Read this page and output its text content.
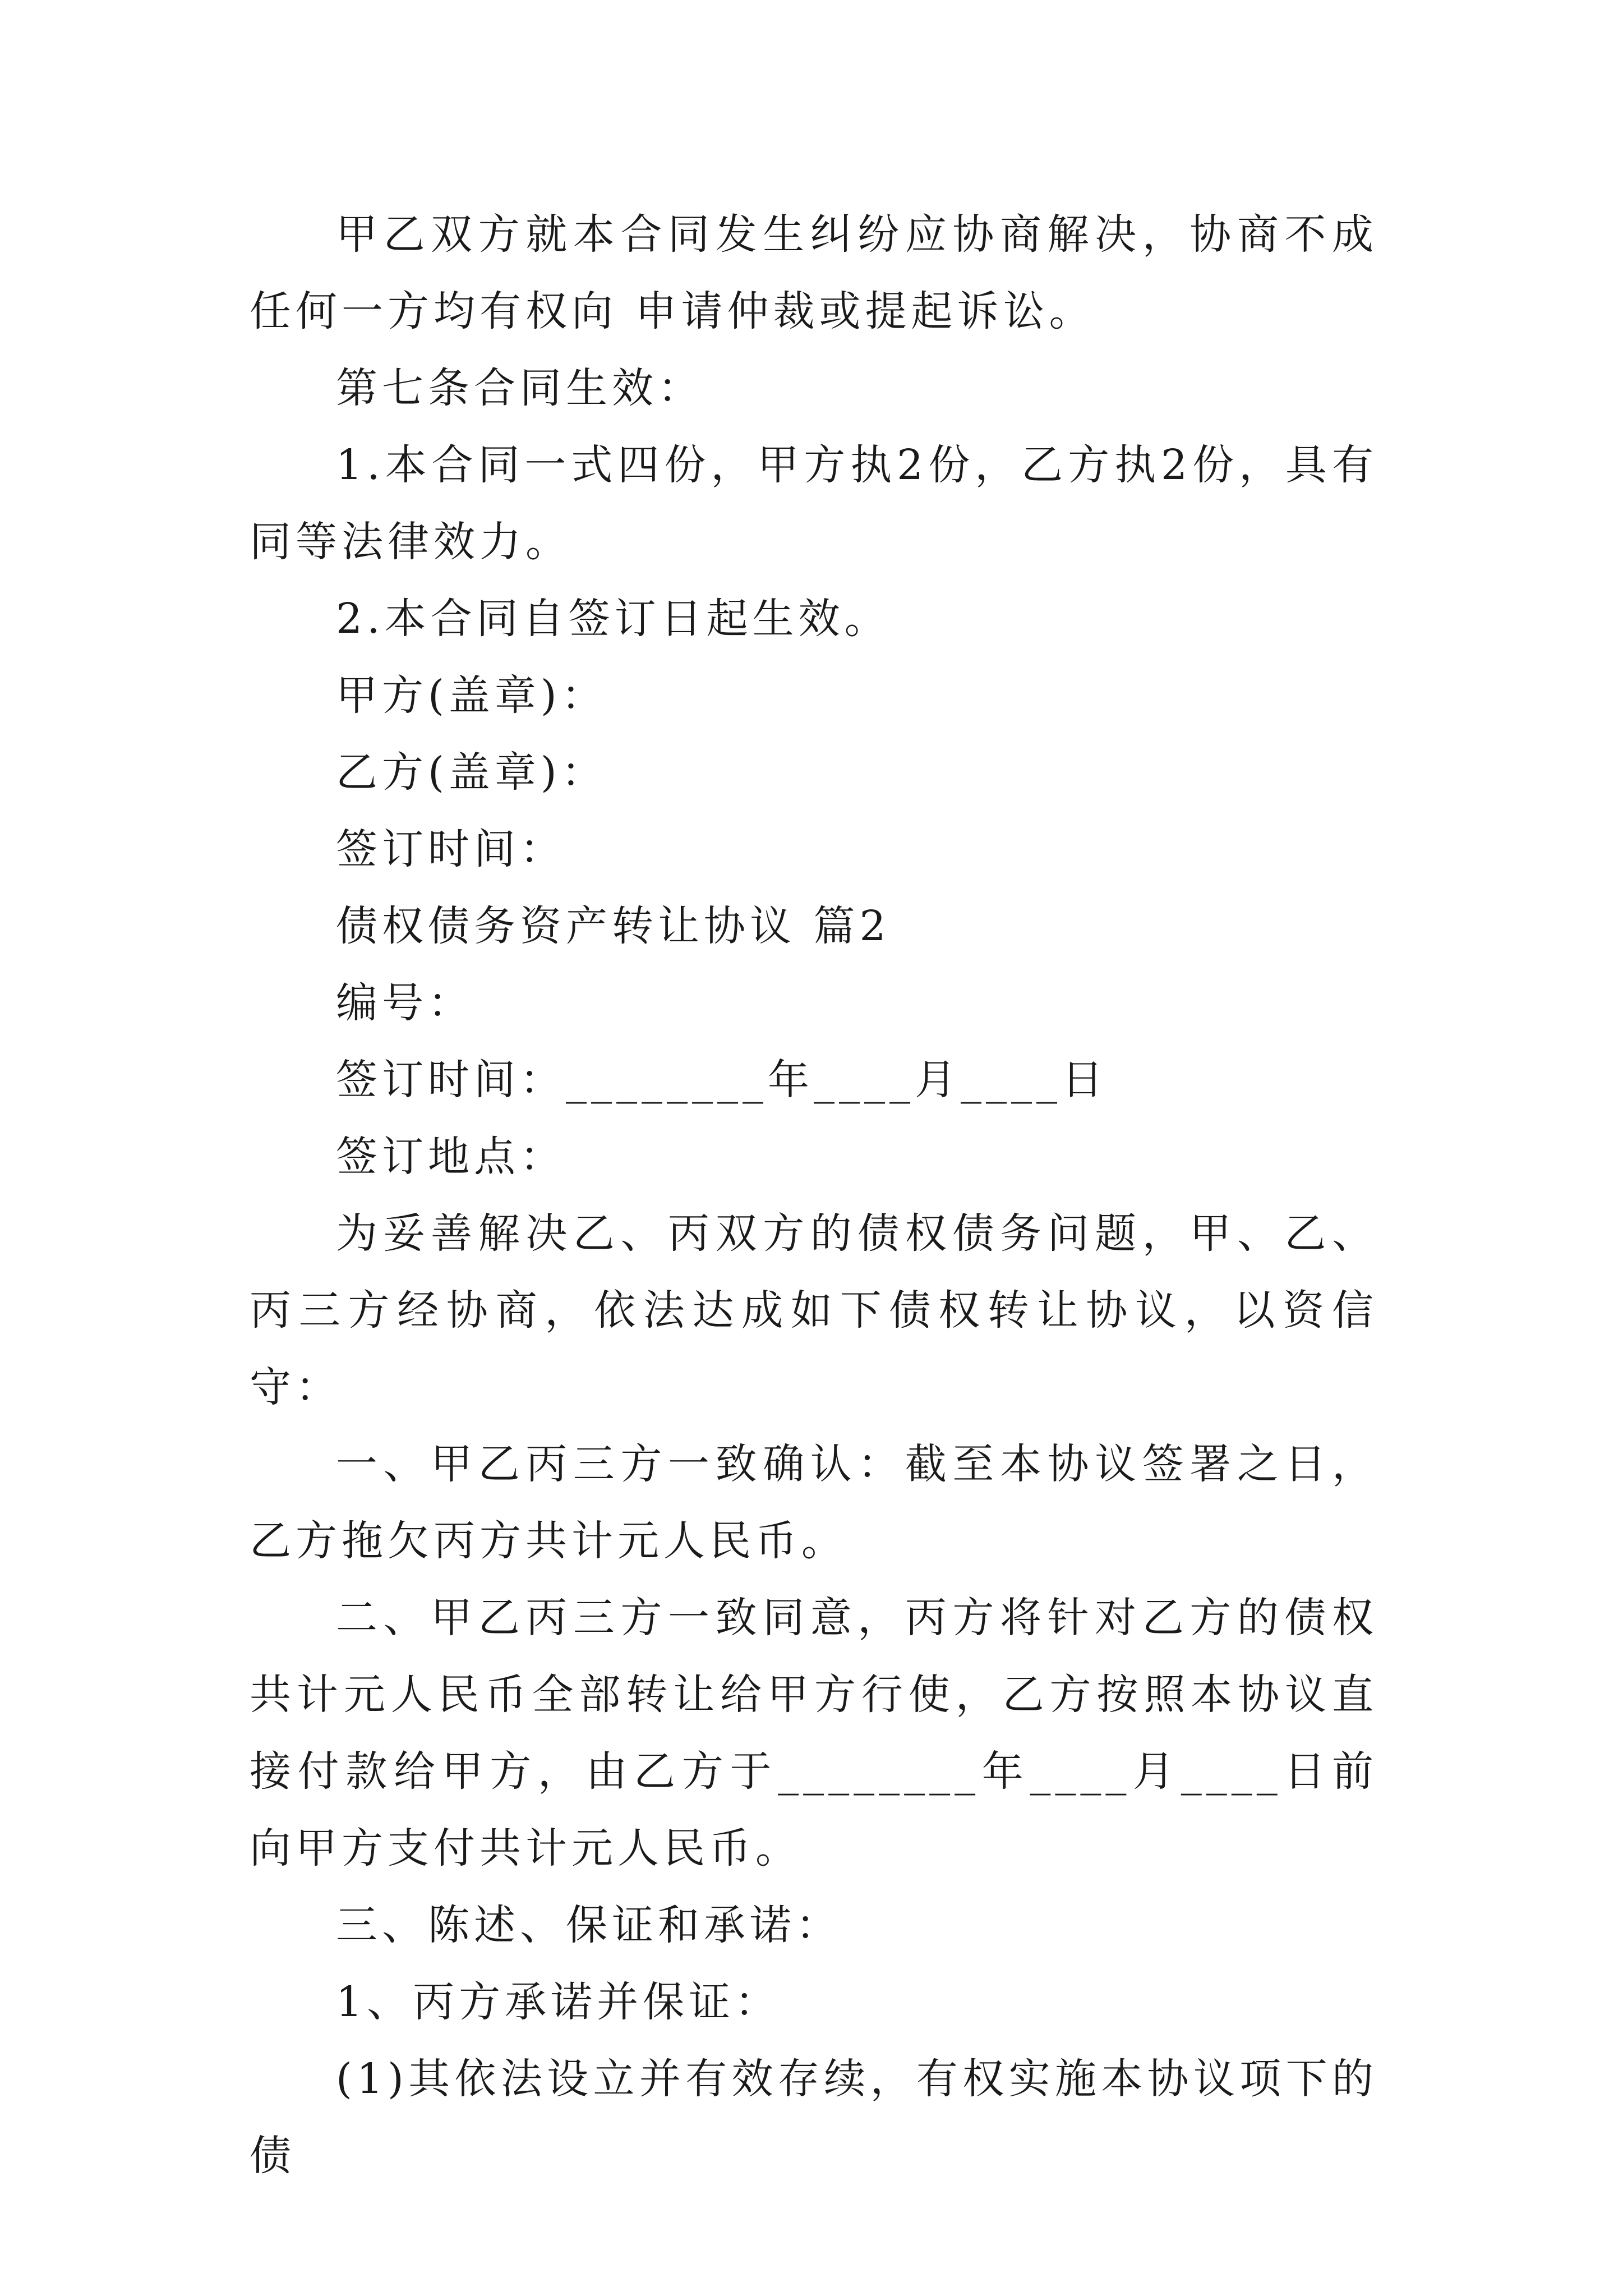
甲乙双方就本合同发生纠纷应协商解决，协商不成任何一方均有权向 申请仲裁或提起诉讼。

第七条合同生效：

1.本合同一式四份，甲方执2份，乙方执2份，具有同等法律效力。

2.本合同自签订日起生效。

甲方(盖章)：

乙方(盖章)：

签订时间：

债权债务资产转让协议 篇2

编号：

签订时间：________年____月____日

签订地点：

为妥善解决乙、丙双方的债权债务问题，甲、乙、丙三方经协商，依法达成如下债权转让协议，以资信守：

一、甲乙丙三方一致确认：截至本协议签署之日，乙方拖欠丙方共计元人民币。

二、甲乙丙三方一致同意，丙方将针对乙方的债权共计元人民币全部转让给甲方行使，乙方按照本协议直接付款给甲方，由乙方于________年____月____日前向甲方支付共计元人民币。

三、陈述、保证和承诺：

1、丙方承诺并保证：

(1)其依法设立并有效存续，有权实施本协议项下的债
